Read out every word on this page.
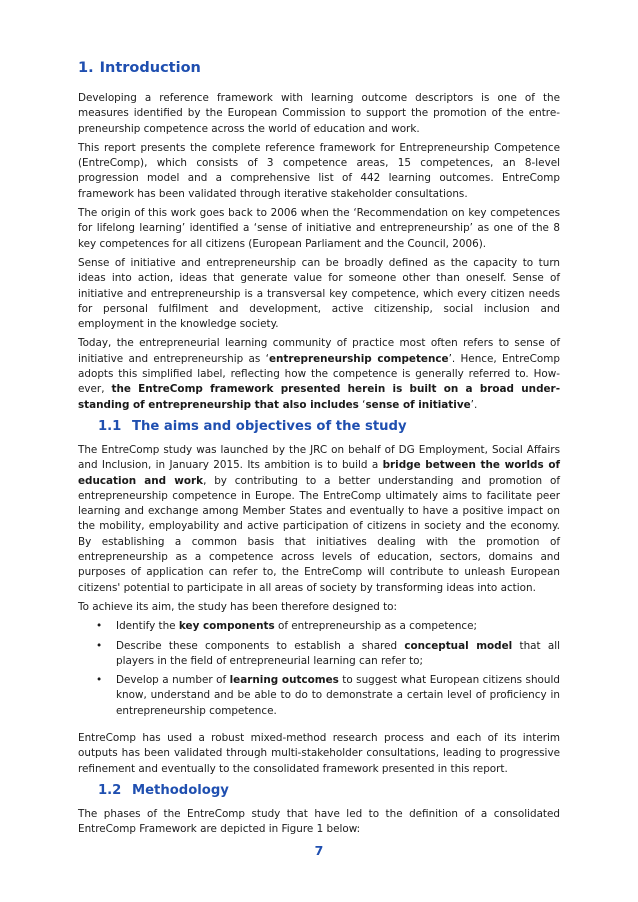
1. Introduction

Developing a reference framework with learning outcome descriptors is one of the measures identified by the European Commission to support the promotion of the entrepreneurship competence across the world of education and work.

This report presents the complete reference framework for Entrepreneurship Competence (EntreComp), which consists of 3 competence areas, 15 competences, an 8-level progression model and a comprehensive list of 442 learning outcomes. EntreComp framework has been validated through iterative stakeholder consultations.

The origin of this work goes back to 2006 when the ‘Recommendation on key competences for lifelong learning’ identified a ‘sense of initiative and entrepreneurship’ as one of the 8 key competences for all citizens (European Parliament and the Council, 2006).

Sense of initiative and entrepreneurship can be broadly defined as the capacity to turn ideas into action, ideas that generate value for someone other than oneself. Sense of initiative and entrepreneurship is a transversal key competence, which every citizen needs for personal fulfilment and development, active citizenship, social inclusion and employment in the knowledge society.

Today, the entrepreneurial learning community of practice most often refers to sense of initiative and entrepreneurship as ‘entrepreneurship competence’. Hence, EntreComp adopts this simplified label, reflecting how the competence is generally referred to. However, the EntreComp framework presented herein is built on a broad understanding of entrepreneurship that also includes ‘sense of initiative’.

1.1 The aims and objectives of the study

The EntreComp study was launched by the JRC on behalf of DG Employment, Social Affairs and Inclusion, in January 2015. Its ambition is to build a bridge between the worlds of education and work, by contributing to a better understanding and promotion of entrepreneurship competence in Europe. The EntreComp ultimately aims to facilitate peer learning and exchange among Member States and eventually to have a positive impact on the mobility, employability and active participation of citizens in society and the economy. By establishing a common basis that initiatives dealing with the promotion of entrepreneurship as a competence across levels of education, sectors, domains and purposes of application can refer to, the EntreComp will contribute to unleash European citizens' potential to participate in all areas of society by transforming ideas into action.

To achieve its aim, the study has been therefore designed to:

• Identify the key components of entrepreneurship as a competence;
• Describe these components to establish a shared conceptual model that all players in the field of entrepreneurial learning can refer to;
• Develop a number of learning outcomes to suggest what European citizens should know, understand and be able to do to demonstrate a certain level of proficiency in entrepreneurship competence.

EntreComp has used a robust mixed-method research process and each of its interim outputs has been validated through multi-stakeholder consultations, leading to progressive refinement and eventually to the consolidated framework presented in this report.

1.2 Methodology

The phases of the EntreComp study that have led to the definition of a consolidated EntreComp Framework are depicted in Figure 1 below:

7
